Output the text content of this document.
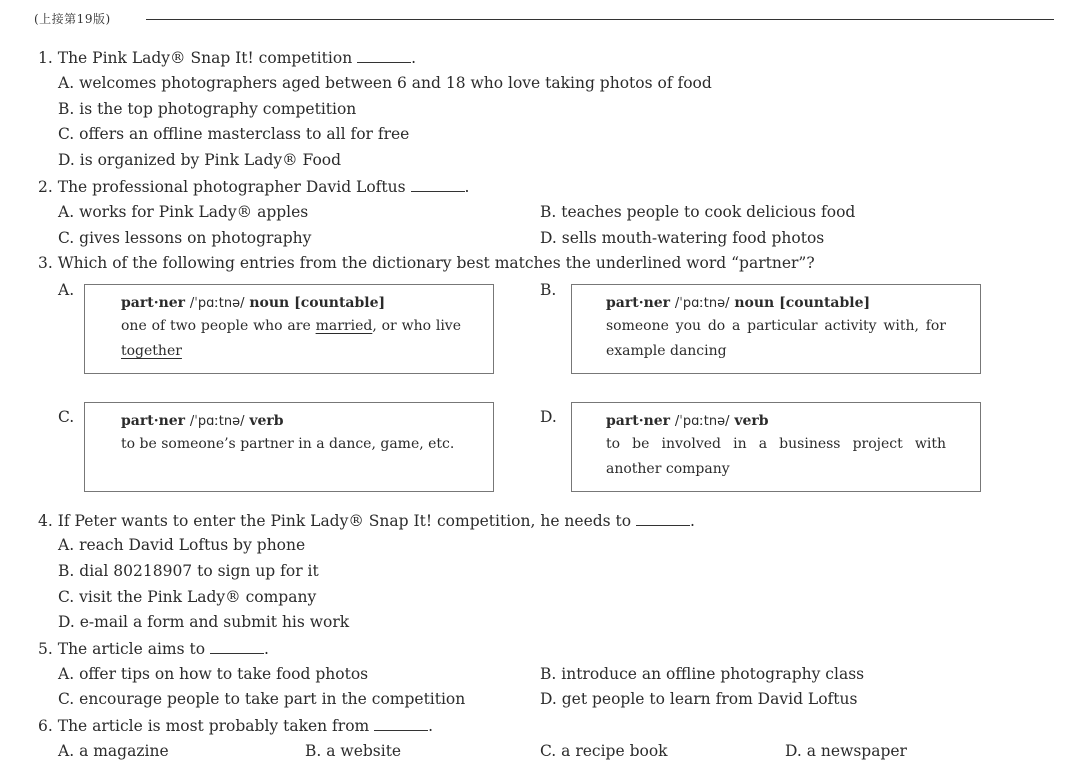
(上接第19版)
1. The Pink Lady® Snap It! competition	.
A. welcomes photographers aged between 6 and 18 who love taking photos of food
B. is the top photography competition
C. offers an offline masterclass to all for free
D. is organized by Pink Lady® Food
2. The professional photographer David Loftus	.
A. works for Pink Lady® apples	B. teaches people to cook delicious food
C. gives lessons on photography	D. sells mouth-watering food photos
3. Which of the following entries from the dictionary best matches the underlined word “partner”?
A.
part·ner /ˈpɑːtnə/ noun [countable]
one of two people who are married, or who live together
B.
part·ner /ˈpɑːtnə/ noun [countable]
someone you do a particular activity with, for example dancing
C.	part·ner /ˈpɑːtnə/ verb
to be someone’s partner in a dance, game, etc.
D.	part·ner /ˈpɑːtnə/ verb
to be involved in a business project with another company
4. If Peter wants to enter the Pink Lady® Snap It! competition, he needs to	.
A. reach David Loftus by phone
B. dial 80218907 to sign up for it
C. visit the Pink Lady® company
D. e-mail a form and submit his work
5. The article aims to	.
A. offer tips on how to take food photos	B. introduce an offline photography class
C. encourage people to take part in the competition	D. get people to learn from David Loftus
6. The article is most probably taken from	.
A. a magazine	B. a website	C. a recipe book	D. a newspaper
